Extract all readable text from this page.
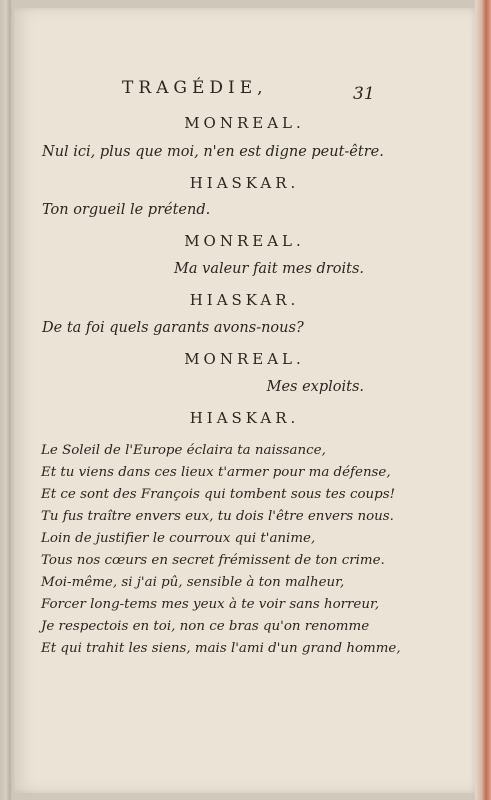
TRAGÉDIE,	31
MONREAL.
Nul ici, plus que moi, n'en est digne peut-être.
HIASKAR.
Ton orgueil le prétend.
MONREAL.
Ma valeur fait mes droits.
HIASKAR.
De ta foi quels garants avons-nous?
MONREAL.
Mes exploits.
HIASKAR.
Le Soleil de l'Europe éclaira ta naissance,
Et tu viens dans ces lieux t'armer pour ma défense,
Et ce sont des François qui tombent sous tes coups!
Tu fus traître envers eux, tu dois l'être envers nous.
Loin de justifier le courroux qui t'anime,
Tous nos cœurs en secret frémissent de ton crime.
Moi-même, si j'ai pû, sensible à ton malheur,
Forcer long-tems mes yeux à te voir sans horreur,
Je respectois en toi, non ce bras qu'on renomme
Et qui trahit les siens, mais l'ami d'un grand homme,
